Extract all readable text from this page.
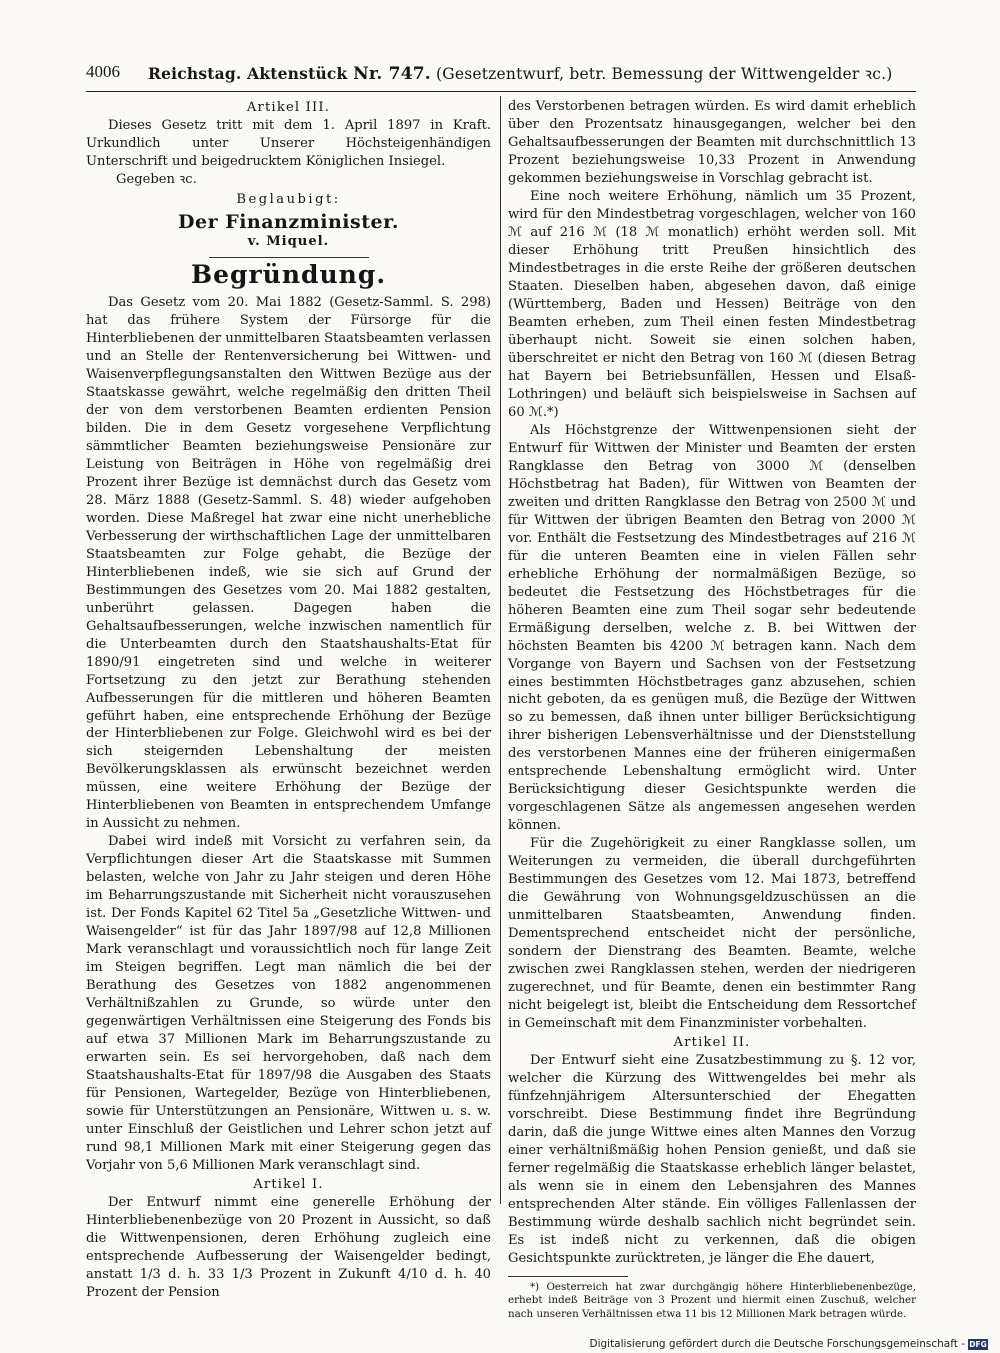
4006 Reichstag. Aktenstück Nr. 747. (Gesetzentwurf, betr. Bemessung der Wittwengelder ꝛc.)
Artikel III.

Dieses Gesetz tritt mit dem 1. April 1897 in Kraft. Urkundlich unter Unserer Höchsteigenhändigen Unterschrift und beigedrucktem Königlichen Insiegel.

Gegeben ꝛc.

Beglaubigt:
Der Finanzminister.
v. Miquel.
Begründung.

Das Gesetz vom 20. Mai 1882 (Gesetz-Samml. S. 298) hat das frühere System der Fürsorge für die Hinterbliebenen der unmittelbaren Staatsbeamten verlassen und an Stelle der Rentenversicherung bei Wittwen- und Waisenverpflegungsanstalten den Wittwen Bezüge aus der Staatskasse gewährt, welche regelmäßig den dritten Theil der von dem verstorbenen Beamten erdienten Pension bilden. Die in dem Gesetz vorgesehene Verpflichtung sämmtlicher Beamten beziehungsweise Pensionäre zur Leistung von Beiträgen in Höhe von regelmäßig drei Prozent ihrer Bezüge ist demnächst durch das Gesetz vom 28. März 1888 (Gesetz-Samml. S. 48) wieder aufgehoben worden. Diese Maßregel hat zwar eine nicht unerhebliche Verbesserung der wirthschaftlichen Lage der unmittelbaren Staatsbeamten zur Folge gehabt, die Bezüge der Hinterbliebenen indeß, wie sie sich auf Grund der Bestimmungen des Gesetzes vom 20. Mai 1882 gestalten, unberührt gelassen. Dagegen haben die Gehaltsaufbesserungen, welche inzwischen namentlich für die Unterbeamten durch den Staatshaushalts-Etat für 1890/91 eingetreten sind und welche in weiterer Fortsetzung zu den jetzt zur Berathung stehenden Aufbesserungen für die mittleren und höheren Beamten geführt haben, eine entsprechende Erhöhung der Bezüge der Hinterbliebenen zur Folge. Gleichwohl wird es bei der sich steigernden Lebenshaltung der meisten Bevölkerungsklassen als erwünscht bezeichnet werden müssen, eine weitere Erhöhung der Bezüge der Hinterbliebenen von Beamten in entsprechendem Umfange in Aussicht zu nehmen.

Dabei wird indeß mit Vorsicht zu verfahren sein, da Verpflichtungen dieser Art die Staatskasse mit Summen belasten, welche von Jahr zu Jahr steigen und deren Höhe im Beharrungszustande mit Sicherheit nicht vorauszusehen ist. Der Fonds Kapitel 62 Titel 5a „Gesetzliche Wittwen- und Waisengelder“ ist für das Jahr 1897/98 auf 12,8 Millionen Mark veranschlagt und voraussichtlich noch für lange Zeit im Steigen begriffen. Legt man nämlich die bei der Berathung des Gesetzes von 1882 angenommenen Verhältnißzahlen zu Grunde, so würde unter den gegenwärtigen Verhältnissen eine Steigerung des Fonds bis auf etwa 37 Millionen Mark im Beharrungszustande zu erwarten sein. Es sei hervorgehoben, daß nach dem Staatshaushalts-Etat für 1897/98 die Ausgaben des Staats für Pensionen, Wartegelder, Bezüge von Hinterbliebenen, sowie für Unterstützungen an Pensionäre, Wittwen u. s. w. unter Einschluß der Geistlichen und Lehrer schon jetzt auf rund 98,1 Millionen Mark mit einer Steigerung gegen das Vorjahr von 5,6 Millionen Mark veranschlagt sind.

Artikel I.

Der Entwurf nimmt eine generelle Erhöhung der Hinterbliebenenbezüge von 20 Prozent in Aussicht, so daß die Wittwenpensionen, deren Erhöhung zugleich eine entsprechende Aufbesserung der Waisengelder bedingt, anstatt 1/3 d. h. 33 1/3 Prozent in Zukunft 4/10 d. h. 40 Prozent der Pension

des Verstorbenen betragen würden. Es wird damit erheblich über den Prozentsatz hinausgegangen, welcher bei den Gehaltsaufbesserungen der Beamten mit durchschnittlich 13 Prozent beziehungsweise 10,33 Prozent in Anwendung gekommen beziehungsweise in Vorschlag gebracht ist.

Eine noch weitere Erhöhung, nämlich um 35 Prozent, wird für den Mindestbetrag vorgeschlagen, welcher von 160 ℳ auf 216 ℳ (18 ℳ monatlich) erhöht werden soll. Mit dieser Erhöhung tritt Preußen hinsichtlich des Mindestbetrages in die erste Reihe der größeren deutschen Staaten. Dieselben haben, abgesehen davon, daß einige (Württemberg, Baden und Hessen) Beiträge von den Beamten erheben, zum Theil einen festen Mindestbetrag überhaupt nicht. Soweit sie einen solchen haben, überschreitet er nicht den Betrag von 160 ℳ (diesen Betrag hat Bayern bei Betriebsunfällen, Hessen und Elsaß-Lothringen) und beläuft sich beispielsweise in Sachsen auf 60 ℳ.*)

Als Höchstgrenze der Wittwenpensionen sieht der Entwurf für Wittwen der Minister und Beamten der ersten Rangklasse den Betrag von 3000 ℳ (denselben Höchstbetrag hat Baden), für Wittwen von Beamten der zweiten und dritten Rangklasse den Betrag von 2500 ℳ und für Wittwen der übrigen Beamten den Betrag von 2000 ℳ vor. Enthält die Festsetzung des Mindestbetrages auf 216 ℳ für die unteren Beamten eine in vielen Fällen sehr erhebliche Erhöhung der normalmäßigen Bezüge, so bedeutet die Festsetzung des Höchstbetrages für die höheren Beamten eine zum Theil sogar sehr bedeutende Ermäßigung derselben, welche z. B. bei Wittwen der höchsten Beamten bis 4200 ℳ betragen kann. Nach dem Vorgange von Bayern und Sachsen von der Festsetzung eines bestimmten Höchstbetrages ganz abzusehen, schien nicht geboten, da es genügen muß, die Bezüge der Wittwen so zu bemessen, daß ihnen unter billiger Berücksichtigung ihrer bisherigen Lebensverhältnisse und der Dienststellung des verstorbenen Mannes eine der früheren einigermaßen entsprechende Lebenshaltung ermöglicht wird. Unter Berücksichtigung dieser Gesichtspunkte werden die vorgeschlagenen Sätze als angemessen angesehen werden können.

Für die Zugehörigkeit zu einer Rangklasse sollen, um Weiterungen zu vermeiden, die überall durchgeführten Bestimmungen des Gesetzes vom 12. Mai 1873, betreffend die Gewährung von Wohnungsgeldzuschüssen an die unmittelbaren Staatsbeamten, Anwendung finden. Dementsprechend entscheidet nicht der persönliche, sondern der Dienstrang des Beamten. Beamte, welche zwischen zwei Rangklassen stehen, werden der niedrigeren zugerechnet, und für Beamte, denen ein bestimmter Rang nicht beigelegt ist, bleibt die Entscheidung dem Ressortchef in Gemeinschaft mit dem Finanzminister vorbehalten.

Artikel II.

Der Entwurf sieht eine Zusatzbestimmung zu §. 12 vor, welcher die Kürzung des Wittwengeldes bei mehr als fünfzehnjährigem Altersunterschied der Ehegatten vorschreibt. Diese Bestimmung findet ihre Begründung darin, daß die junge Wittwe eines alten Mannes den Vorzug einer verhältnißmäßig hohen Pension genießt, und daß sie ferner regelmäßig die Staatskasse erheblich länger belastet, als wenn sie in einem den Lebensjahren des Mannes entsprechenden Alter stände. Ein völliges Fallenlassen der Bestimmung würde deshalb sachlich nicht begründet sein. Es ist indeß nicht zu verkennen, daß die obigen Gesichtspunkte zurücktreten, je länger die Ehe dauert,

*) Oesterreich hat zwar durchgängig höhere Hinterbliebenenbezüge, erhebt indeß Beiträge von 3 Prozent und hiermit einen Zuschuß, welcher nach unseren Verhältnissen etwa 11 bis 12 Millionen Mark betragen würde.

Digitalisierung gefördert durch die Deutsche Forschungsgemeinschaft - DFG
